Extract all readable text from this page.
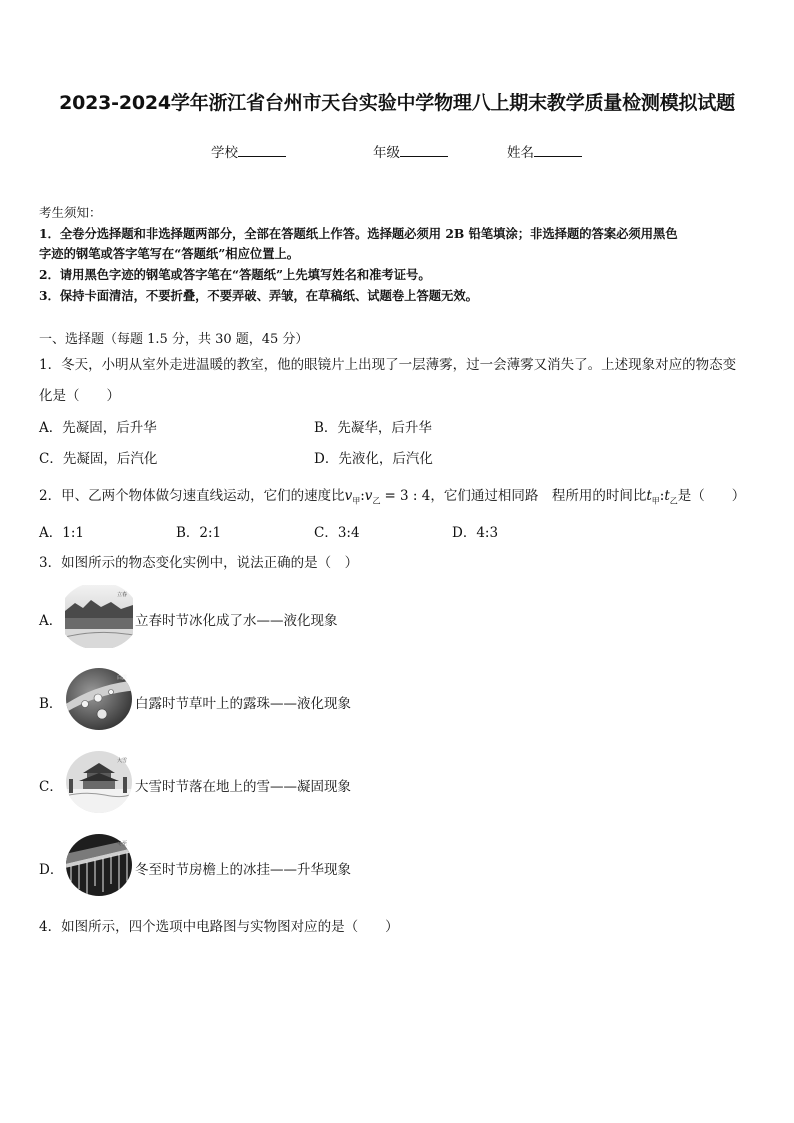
2023-2024学年浙江省台州市天台实验中学物理八上期末教学质量检测模拟试题
学校	年级	姓名
考生须知：
1．全卷分选择题和非选择题两部分，全部在答题纸上作答。选择题必须用 2B 铅笔填涂；非选择题的答案必须用黑色
字迹的钢笔或答字笔写在“答题纸”相应位置上。
2．请用黑色字迹的钢笔或答字笔在“答题纸”上先填写姓名和准考证号。
3．保持卡面清洁，不要折叠，不要弄破、弄皱，在草稿纸、试题卷上答题无效。
一、选择题（每题 1.5 分，共 30 题，45 分）
1．冬天，小明从室外走进温暖的教室，他的眼镜片上出现了一层薄雾，过一会薄雾又消失了。上述现象对应的物态变
化是（　　）
A．先凝固，后升华	B．先凝华，后升华
C．先凝固，后汽化	D．先液化，后汽化
2．甲、乙两个物体做匀速直线运动，它们的速度比$v_甲:v_乙 = 3$ : 4，它们通过相同路　程所用的时间比$t_甲:t_乙$是（　　）
A．1:1	B．2:1	C．3:4	D．4:3
3．如图所示的物态变化实例中，说法正确的是（　）
A．
立春
立春时节冰化成了水——液化现象
B．
白露
白露时节草叶上的露珠——液化现象
C．
大雪
大雪时节落在地上的雪——凝固现象
D．
冬至
冬至时节房檐上的冰挂——升华现象
4．如图所示，四个选项中电路图与实物图对应的是（　　）
